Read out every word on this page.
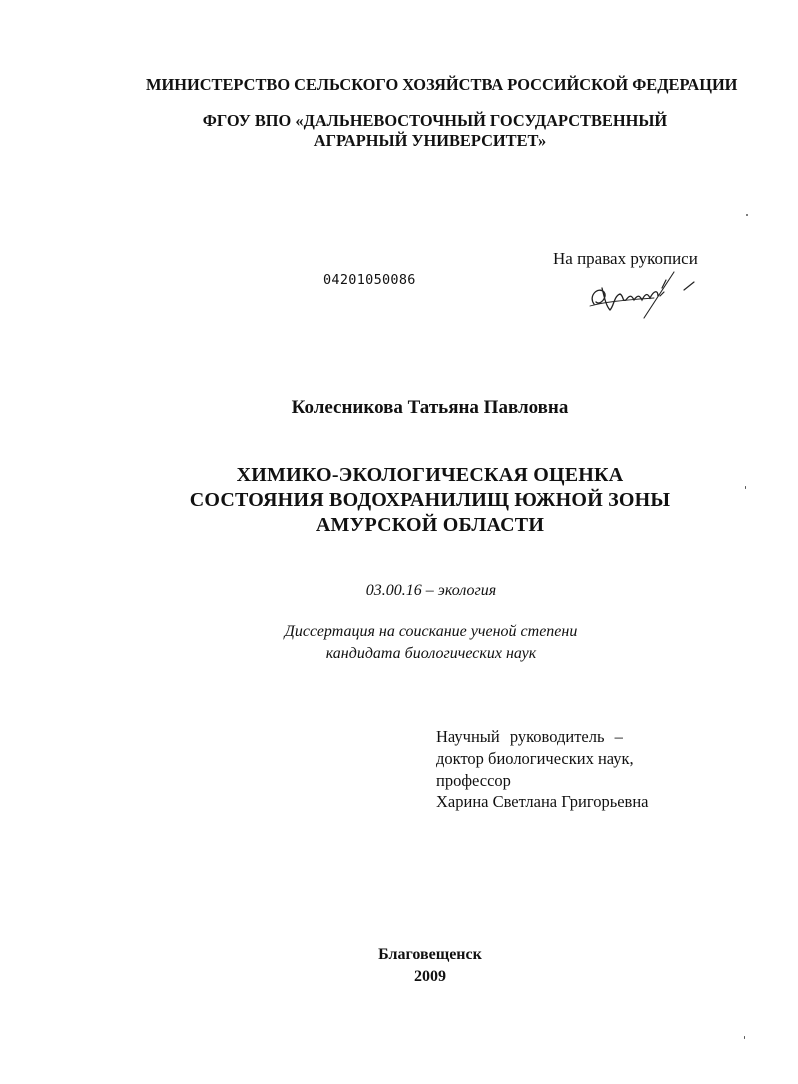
МИНИСТЕРСТВО СЕЛЬСКОГО ХОЗЯЙСТВА РОССИЙСКОЙ ФЕДЕРАЦИИ
ФГОУ ВПО «ДАЛЬНЕВОСТОЧНЫЙ ГОСУДАРСТВЕННЫЙ
АГРАРНЫЙ УНИВЕРСИТЕТ»
На правах рукописи
04201050086
Колесникова Татьяна Павловна
ХИМИКО-ЭКОЛОГИЧЕСКАЯ ОЦЕНКА
СОСТОЯНИЯ ВОДОХРАНИЛИЩ ЮЖНОЙ ЗОНЫ
АМУРСКОЙ ОБЛАСТИ
03.00.16 – экология
Диссертация на соискание ученой степени
кандидата биологических наук
Научный руководитель –
доктор биологических наук,
профессор
Харина Светлана Григорьевна
Благовещенск
2009
